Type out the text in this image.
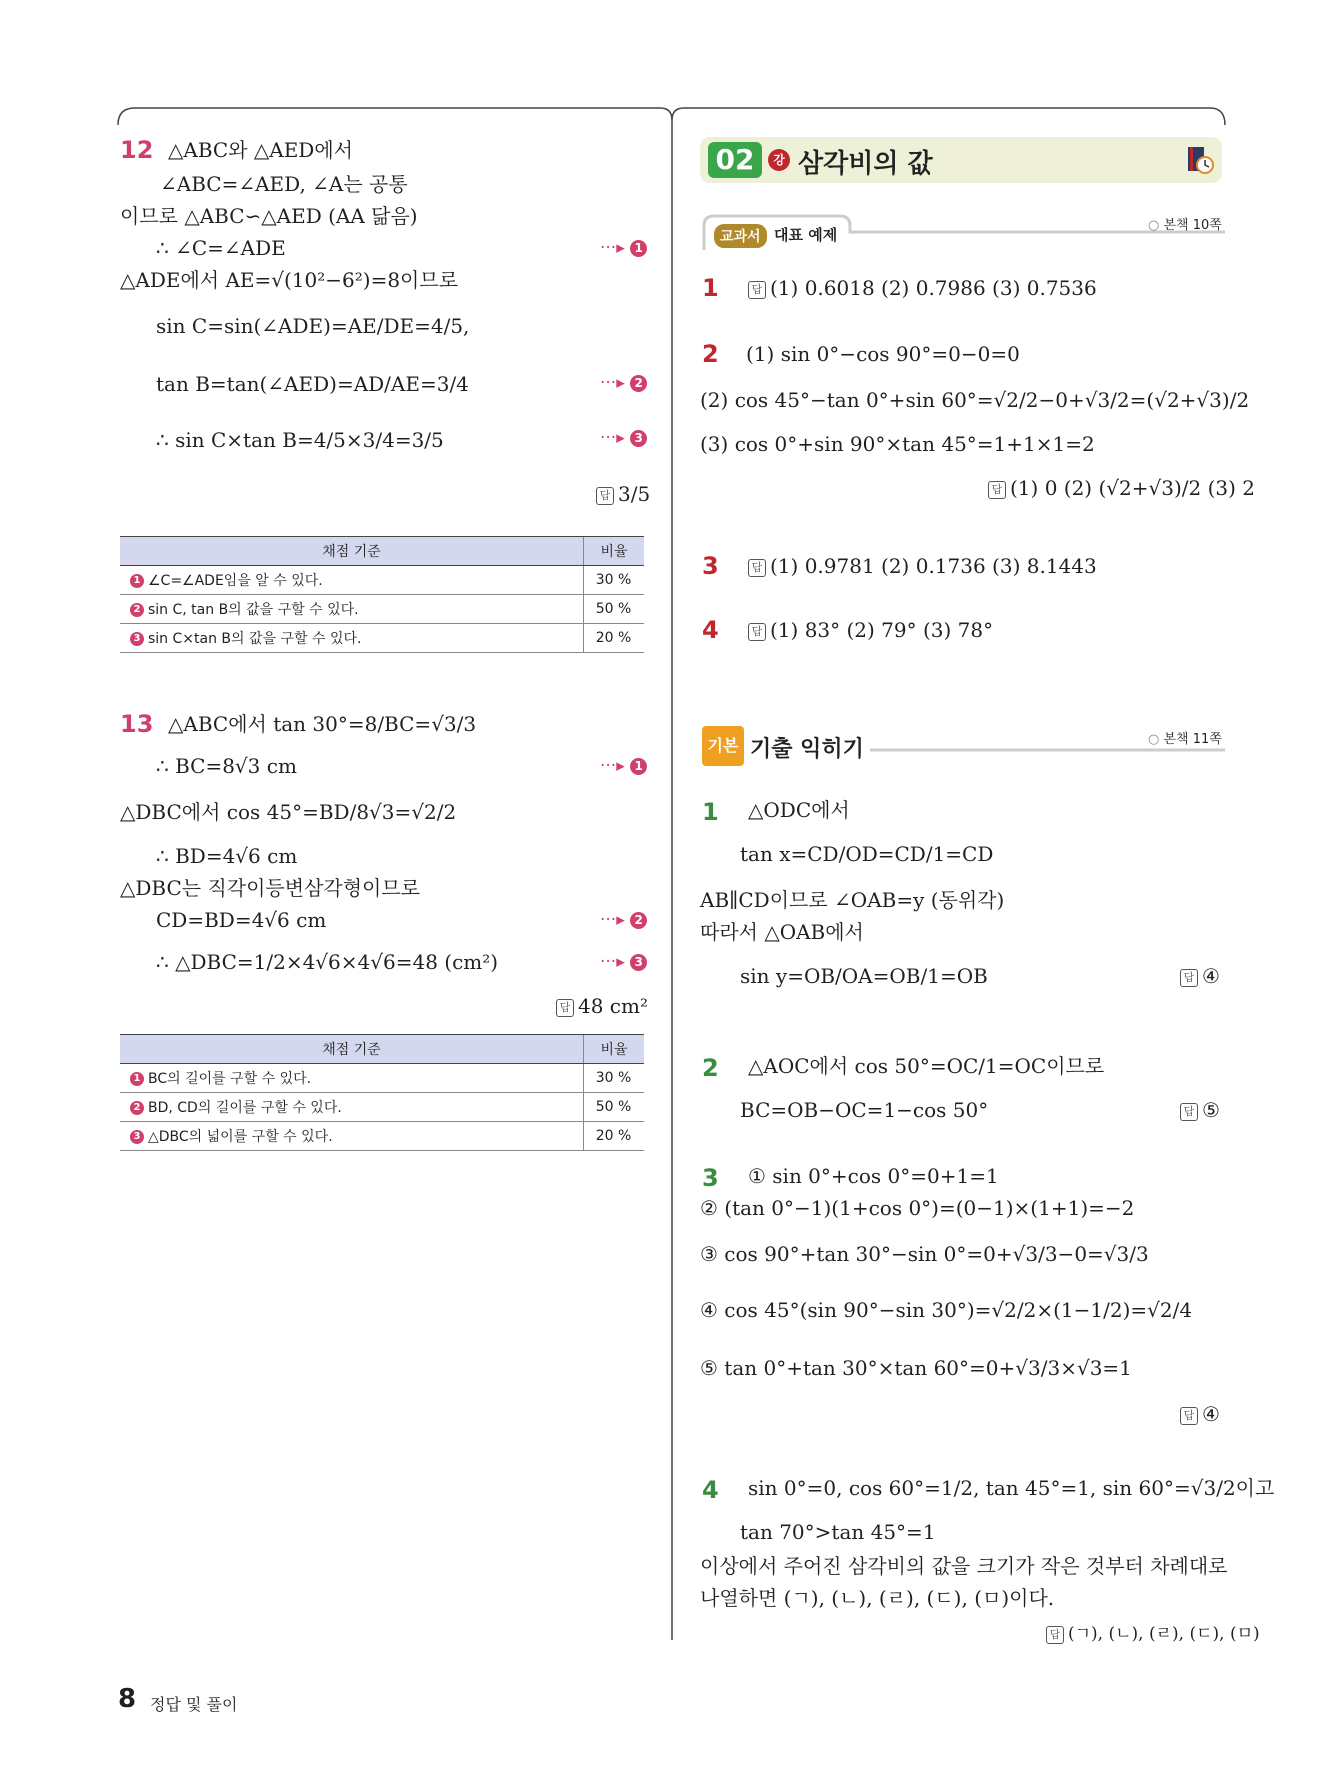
12 △ABC와 △AED에서
∠ABC=∠AED, ∠A는 공통
이므로 △ABC∽△AED (AA 닮음)
∴ ∠C=∠ADE	···▸ 1
△ADE에서 AE=√(10²−6²)=8이므로
sin C=sin(∠ADE)=AE/DE=4/5,
tan B=tan(∠AED)=AD/AE=3/4	···▸ 2
∴ sin C×tan B=4/5×3/4=3/5	···▸ 3
답 3/5
채점 기준	비율
1 ∠C=∠ADE임을 알 수 있다.	30 %
2 sin C, tan B의 값을 구할 수 있다.	50 %
3 sin C×tan B의 값을 구할 수 있다.	20 %
13 △ABC에서 tan 30°=8/BC=√3/3
∴ BC=8√3 cm	···▸ 1
△DBC에서 cos 45°=BD/8√3=√2/2
∴ BD=4√6 cm
△DBC는 직각이등변삼각형이므로
CD=BD=4√6 cm	···▸ 2
∴ △DBC=1/2×4√6×4√6=48 (cm²)	···▸ 3
답 48 cm²
채점 기준	비율
1 BC의 길이를 구할 수 있다.	30 %
2 BD, CD의 길이를 구할 수 있다.	50 %
3 △DBC의 넓이를 구할 수 있다.	20 %
02	강 삼각비의 값
교과서 대표 예제
○ 본책 10쪽
1	답 (1) 0.6018 (2) 0.7986 (3) 0.7536
2 (1) sin 0°−cos 90°=0−0=0
(2) cos 45°−tan 0°+sin 60°=√2/2−0+√3/2=(√2+√3)/2
(3) cos 0°+sin 90°×tan 45°=1+1×1=2
답 (1) 0 (2) (√2+√3)/2 (3) 2
3	답 (1) 0.9781 (2) 0.1736 (3) 8.1443
4	답 (1) 83° (2) 79° (3) 78°
기본 기출 익히기	○ 본책 11쪽
1 △ODC에서
tan x=CD/OD=CD/1=CD
AB∥CD이므로 ∠OAB=y (동위각)
따라서 △OAB에서
sin y=OB/OA=OB/1=OB	답 ④
2 △AOC에서 cos 50°=OC/1=OC이므로
BC=OB−OC=1−cos 50°	답 ⑤
3 ① sin 0°+cos 0°=0+1=1
② (tan 0°−1)(1+cos 0°)=(0−1)×(1+1)=−2
③ cos 90°+tan 30°−sin 0°=0+√3/3−0=√3/3
④ cos 45°(sin 90°−sin 30°)=√2/2×(1−1/2)=√2/4
⑤ tan 0°+tan 30°×tan 60°=0+√3/3×√3=1
답 ④
4 sin 0°=0, cos 60°=1/2, tan 45°=1, sin 60°=√3/2이고
tan 70°>tan 45°=1
이상에서 주어진 삼각비의 값을 크기가 작은 것부터 차례대로
나열하면 (ㄱ), (ㄴ), (ㄹ), (ㄷ), (ㅁ)이다.
답 (ㄱ), (ㄴ), (ㄹ), (ㄷ), (ㅁ)
8 정답 및 풀이
